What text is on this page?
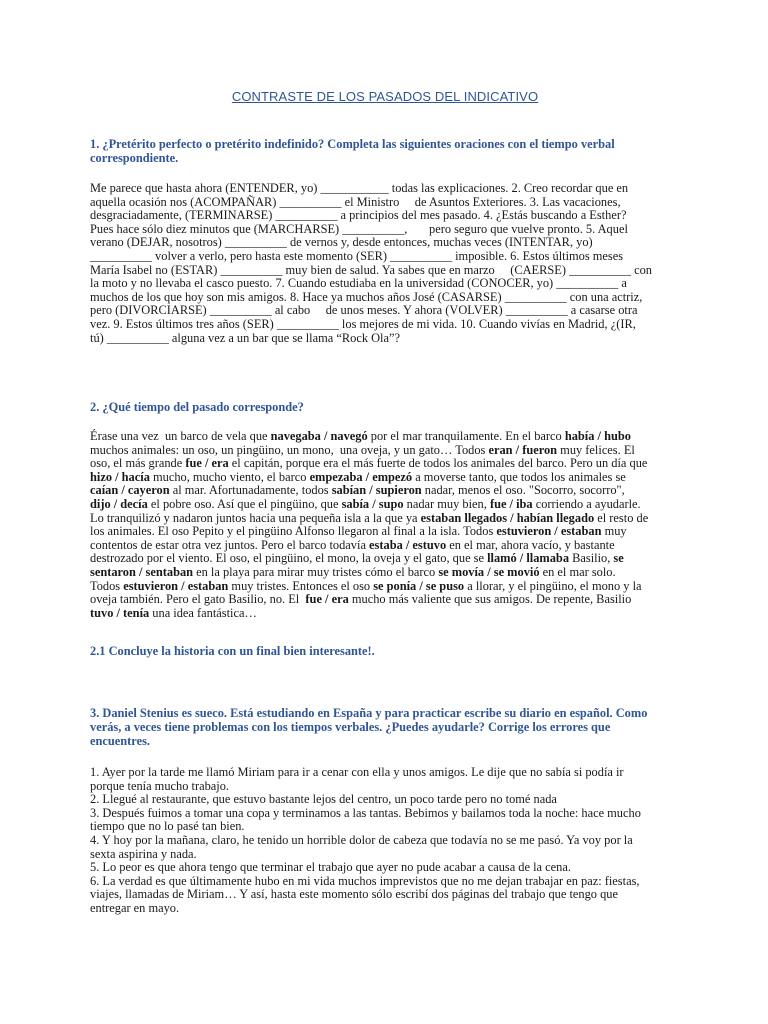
CONTRASTE DE LOS PASADOS DEL INDICATIVO
1. ¿Pretérito perfecto o pretérito indefinido? Completa las siguientes oraciones con el tiempo verbal correspondiente.
Me parece que hasta ahora (ENTENDER, yo) ___________ todas las explicaciones. 2. Creo recordar que en
aquella ocasión nos (ACOMPAÑAR) __________ el Ministro     de Asuntos Exteriores. 3. Las vacaciones,
desgraciadamente, (TERMINARSE) __________ a principios del mes pasado. 4. ¿Estás buscando a Esther?
Pues hace sólo diez minutos que (MARCHARSE) __________,       pero seguro que vuelve pronto. 5. Aquel
verano (DEJAR, nosotros) __________ de vernos y, desde entonces, muchas veces (INTENTAR, yo)
__________ volver a verlo, pero hasta este momento (SER) __________ imposible. 6. Estos últimos meses
María Isabel no (ESTAR) __________ muy bien de salud. Ya sabes que en marzo     (CAERSE) __________ con
la moto y no llevaba el casco puesto. 7. Cuando estudiaba en la universidad (CONOCER, yo) __________ a
muchos de los que hoy son mis amigos. 8. Hace ya muchos años José (CASARSE) __________ con una actriz,
pero (DIVORCIARSE) __________ al cabo     de unos meses. Y ahora (VOLVER) __________ a casarse otra
vez. 9. Estos últimos tres años (SER) __________ los mejores de mi vida. 10. Cuando vivías en Madrid, ¿(IR,
tú) __________ alguna vez a un bar que se llama “Rock Ola”?
2. ¿Qué tiempo del pasado corresponde?
Érase una vez  un barco de vela que navegaba / navegó por el mar tranquilamente. En el barco había / hubo
muchos animales: un oso, un pingüino, un mono,  una oveja, y un gato… Todos eran / fueron muy felices. El
oso, el más grande fue / era el capitán, porque era el más fuerte de todos los animales del barco. Pero un día que
hizo / hacía mucho, mucho viento, el barco empezaba / empezó a moverse tanto, que todos los animales se
caían / cayeron al mar. Afortunadamente, todos sabían / supieron nadar, menos el oso. "Socorro, socorro",
dijo / decía el pobre oso. Así que el pingüino, que sabía / supo nadar muy bien, fue / iba corriendo a ayudarle.
Lo tranquilizó y nadaron juntos hacia una pequeña isla a la que ya estaban llegados / habían llegado el resto de
los animales. El oso Pepito y el pingüino Alfonso llegaron al final a la isla. Todos estuvieron / estaban muy
contentos de estar otra vez juntos. Pero el barco todavía estaba / estuvo en el mar, ahora vacío, y bastante
destrozado por el viento. El oso, el pingüino, el mono, la oveja y el gato, que se llamó / llamaba Basilio, se
sentaron / sentaban en la playa para mirar muy tristes cómo el barco se movía / se movió en el mar solo.
Todos estuvieron / estaban muy tristes. Entonces el oso se ponía / se puso a llorar, y el pingüino, el mono y la
oveja también. Pero el gato Basilio, no. El  fue / era mucho más valiente que sus amigos. De repente, Basilio
tuvo / tenía una idea fantástica…
2.1 Concluye la historia con un final bien interesante!.
3. Daniel Stenius es sueco. Está estudiando en España y para practicar escribe su diario en español. Como verás, a veces tiene problemas con los tiempos verbales. ¿Puedes ayudarle? Corrige los errores que encuentres.
1. Ayer por la tarde me llamó Miriam para ir a cenar con ella y unos amigos. Le dije que no sabía si podía ir
porque tenía mucho trabajo.
2. Llegué al restaurante, que estuvo bastante lejos del centro, un poco tarde pero no tomé nada
3. Después fuimos a tomar una copa y terminamos a las tantas. Bebimos y bailamos toda la noche: hace mucho
tiempo que no lo pasé tan bien.
4. Y hoy por la mañana, claro, he tenido un horrible dolor de cabeza que todavía no se me pasó. Ya voy por la
sexta aspirina y nada.
5. Lo peor es que ahora tengo que terminar el trabajo que ayer no pude acabar a causa de la cena.
6. La verdad es que últimamente hubo en mi vida muchos imprevistos que no me dejan trabajar en paz: fiestas,
viajes, llamadas de Miriam… Y así, hasta este momento sólo escribí dos páginas del trabajo que tengo que
entregar en mayo.
